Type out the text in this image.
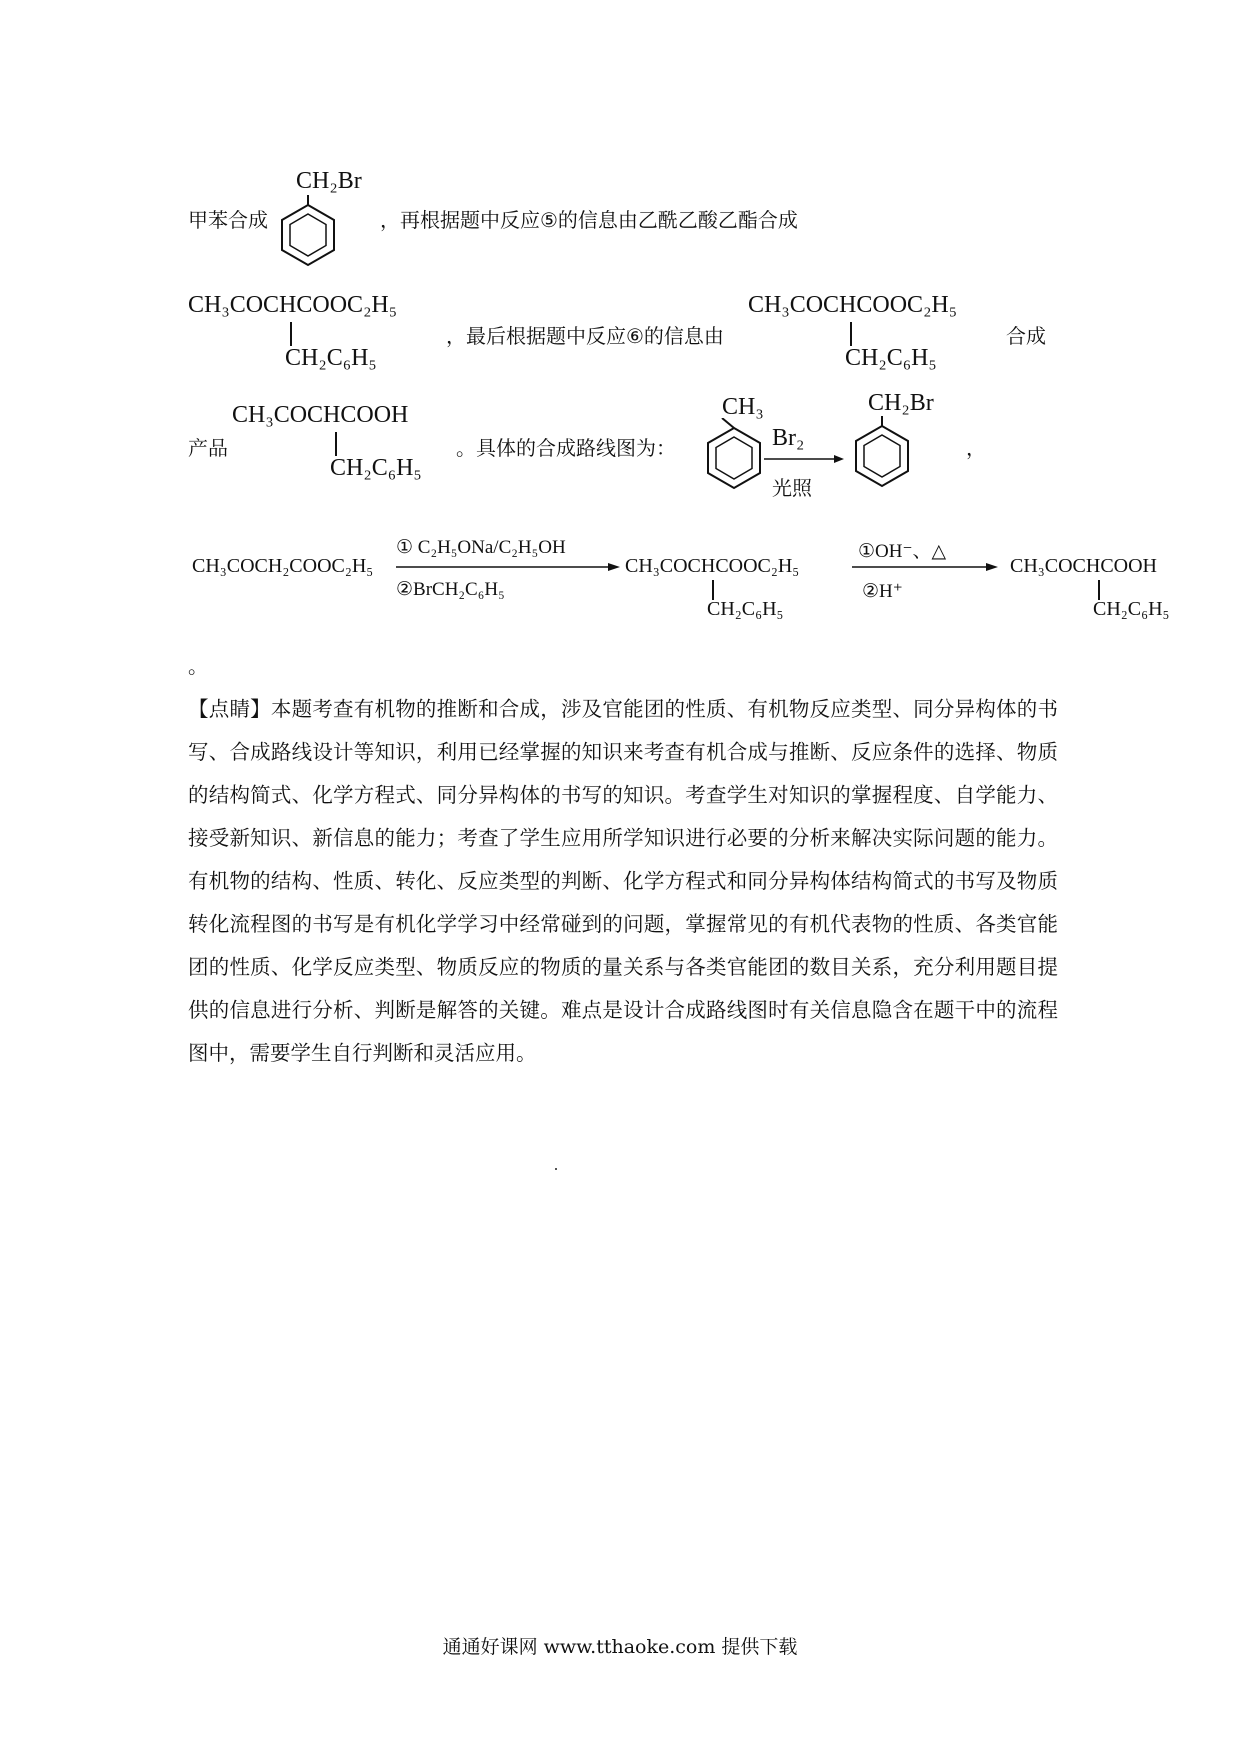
甲苯合成
CH₂Br
，再根据题中反应⑤的信息由乙酰乙酸乙酯合成
CH₃COCHCOOC₂H₅
CH₂C₆H₅
，最后根据题中反应⑥的信息由
CH₃COCHCOOC₂H₅
CH₂C₆H₅
合成
产品
CH₃COCHCOOH
CH₂C₆H₅
。具体的合成路线图为：
CH₃
Br₂
光照
CH₂Br
，
CH₃COCH₂COOC₂H₅
① C₂H₅ONa/C₂H₅OH
②BrCH₂C₆H₅
CH₃COCHCOOC₂H₅
CH₂C₆H₅
①OH⁻、△
②H⁺
CH₃COCHCOOH
CH₂C₆H₅
。
【点睛】本题考查有机物的推断和合成，涉及官能团的性质、有机物反应类型、同分异构体的书写、合成路线设计等知识，利用已经掌握的知识来考查有机合成与推断、反应条件的选择、物质的结构简式、化学方程式、同分异构体的书写的知识。考查学生对知识的掌握程度、自学能力、接受新知识、新信息的能力；考查了学生应用所学知识进行必要的分析来解决实际问题的能力。有机物的结构、性质、转化、反应类型的判断、化学方程式和同分异构体结构简式的书写及物质转化流程图的书写是有机化学学习中经常碰到的问题，掌握常见的有机代表物的性质、各类官能团的性质、化学反应类型、物质反应的物质的量关系与各类官能团的数目关系，充分利用题目提供的信息进行分析、判断是解答的关键。难点是设计合成路线图时有关信息隐含在题干中的流程图中，需要学生自行判断和灵活应用。
通通好课网 www.tthaoke.com 提供下载
